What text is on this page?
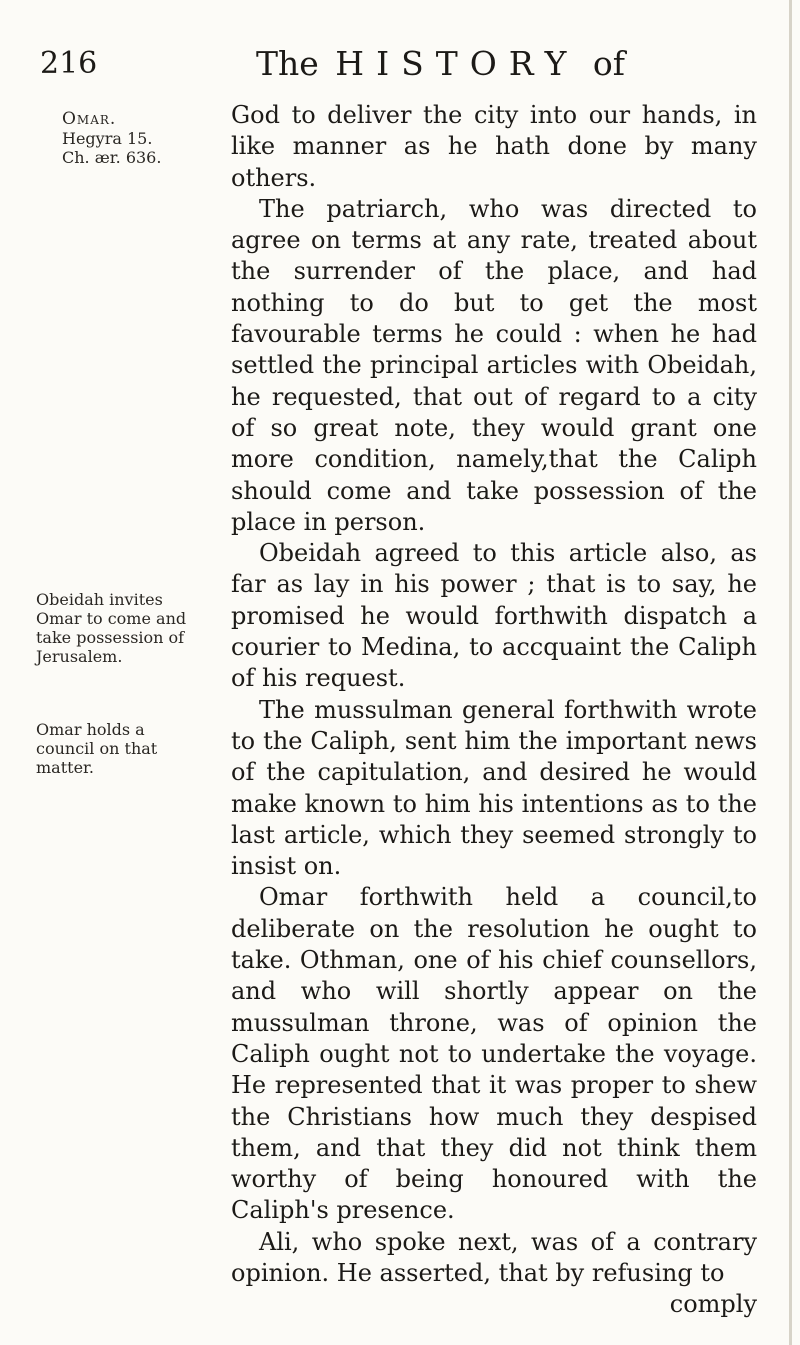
216	The HISTORY of
Omar.
Hegyra 15.
Ch. ær. 636.
Obeidah invites Omar to come and take possession of Jerusalem.
Omar holds a council on that matter.

God to deliver the city into our hands, in like manner as he hath done by many others.

The patriarch, who was directed to agree on terms at any rate, treated about the surrender of the place, and had nothing to do but to get the most favourable terms he could : when he had settled the principal articles with Obeidah, he requested, that out of regard to a city of so great note, they would grant one more condition, namely,that the Caliph should come and take possession of the place in person.

Obeidah agreed to this article also, as far as lay in his power ; that is to say, he promised he would forthwith dispatch a courier to Medina, to accquaint the Caliph of his request.

The mussulman general forthwith wrote to the Caliph, sent him the important news of the capitulation, and desired he would make known to him his intentions as to the last article, which they seemed strongly to insist on.

Omar forthwith held a council,to deliberate on the resolution he ought to take. Othman, one of his chief counsellors, and who will shortly appear on the mussulman throne, was of opinion the Caliph ought not to undertake the voyage. He represented that it was proper to shew the Christians how much they despised them, and that they did not think them worthy of being honoured with the Caliph's presence.

Ali, who spoke next, was of a contrary opinion. He asserted, that by refusing to

comply
